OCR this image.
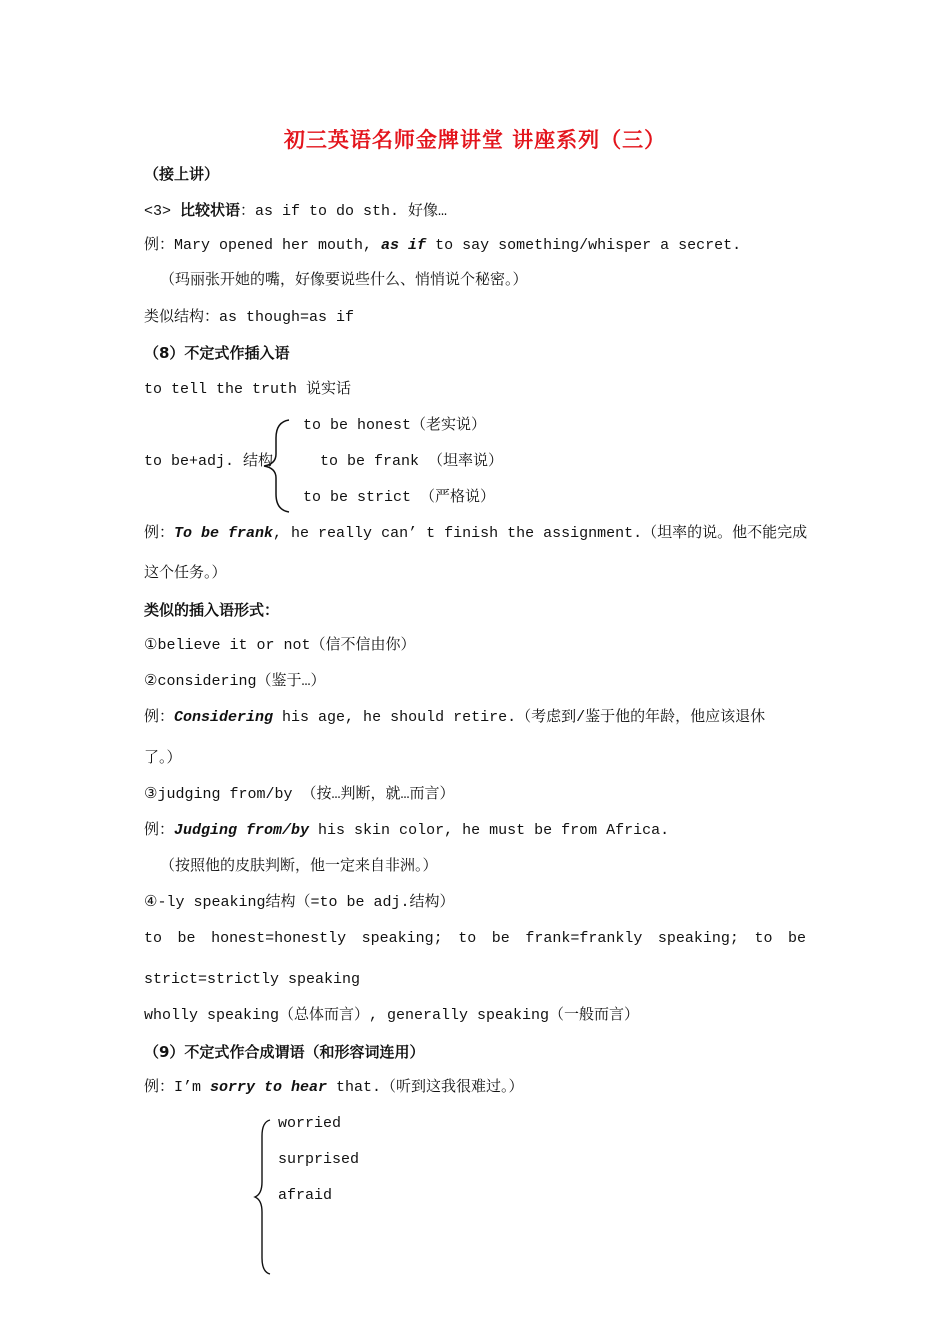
初三英语名师金牌讲堂 讲座系列（三）
（接上讲）
<3> 比较状语：as if to do sth. 好像…
例：Mary opened her mouth, as if to say something/whisper a secret.
（玛丽张开她的嘴，好像要说些什么、悄悄说个秘密。）
类似结构：as though=as if
（8）不定式作插入语
to tell the truth 说实话
to be honest（老实说）
to be+adj. 结构	to be frank （坦率说）
to be strict （严格说）
例：To be frank, he really can’ t finish the assignment.（坦率的说。他不能完成
这个任务。）
类似的插入语形式：
①believe it or not（信不信由你）
②considering（鉴于…）
例：Considering his age, he should retire.（考虑到/鉴于他的年龄，他应该退休
了。）
③judging from/by （按…判断，就…而言）
例：Judging from/by his skin color, he must be from Africa.
（按照他的皮肤判断，他一定来自非洲。）
④-ly speaking结构（=to be adj.结构）
to be honest=honestly speaking; to be frank=frankly speaking; to be
strict=strictly speaking
wholly speaking（总体而言）, generally speaking（一般而言）
（9）不定式作合成谓语（和形容词连用）
例：I’m sorry to hear that.（听到这我很难过。）
worried
surprised
afraid
